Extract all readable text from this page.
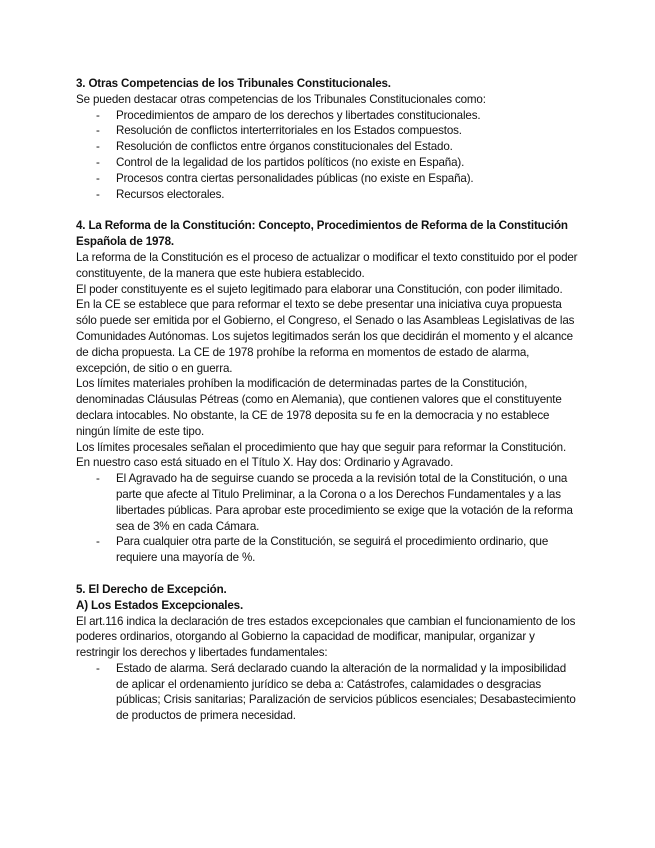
3. Otras Competencias de los Tribunales Constitucionales.

Se pueden destacar otras competencias de los Tribunales Constitucionales como:

- Procedimientos de amparo de los derechos y libertades constitucionales.
- Resolución de conflictos interterritoriales en los Estados compuestos.
- Resolución de conflictos entre órganos constitucionales del Estado.
- Control de la legalidad de los partidos políticos (no existe en España).
- Procesos contra ciertas personalidades públicas (no existe en España).
- Recursos electorales.
4. La Reforma de la Constitución: Concepto, Procedimientos de Reforma de la Constitución Española de 1978.

La reforma de la Constitución es el proceso de actualizar o modificar el texto constituido por el poder constituyente, de la manera que este hubiera establecido.

El poder constituyente es el sujeto legitimado para elaborar una Constitución, con poder ilimitado.

En la CE se establece que para reformar el texto se debe presentar una iniciativa cuya propuesta sólo puede ser emitida por el Gobierno, el Congreso, el Senado o las Asambleas Legislativas de las Comunidades Autónomas. Los sujetos legitimados serán los que decidirán el momento y el alcance de dicha propuesta. La CE de 1978 prohíbe la reforma en momentos de estado de alarma, excepción, de sitio o en guerra.

Los límites materiales prohíben la modificación de determinadas partes de la Constitución, denominadas Cláusulas Pétreas (como en Alemania), que contienen valores que el constituyente declara intocables. No obstante, la CE de 1978 deposita su fe en la democracia y no establece ningún límite de este tipo.

Los límites procesales señalan el procedimiento que hay que seguir para reformar la Constitución. En nuestro caso está situado en el Título X. Hay dos: Ordinario y Agravado.

- El Agravado ha de seguirse cuando se proceda a la revisión total de la Constitución, o una parte que afecte al Titulo Preliminar, a la Corona o a los Derechos Fundamentales y a las libertades públicas. Para aprobar este procedimiento se exige que la votación de la reforma sea de 3% en cada Cámara.
- Para cualquier otra parte de la Constitución, se seguirá el procedimiento ordinario, que requiere una mayoría de %.
5. El Derecho de Excepción.
A) Los Estados Excepcionales.

El art.116 indica la declaración de tres estados excepcionales que cambian el funcionamiento de los poderes ordinarios, otorgando al Gobierno la capacidad de modificar, manipular, organizar y restringir los derechos y libertades fundamentales:

- Estado de alarma. Será declarado cuando la alteración de la normalidad y la imposibilidad de aplicar el ordenamiento jurídico se deba a: Catástrofes, calamidades o desgracias públicas; Crisis sanitarias; Paralización de servicios públicos esenciales; Desabastecimiento de productos de primera necesidad.
